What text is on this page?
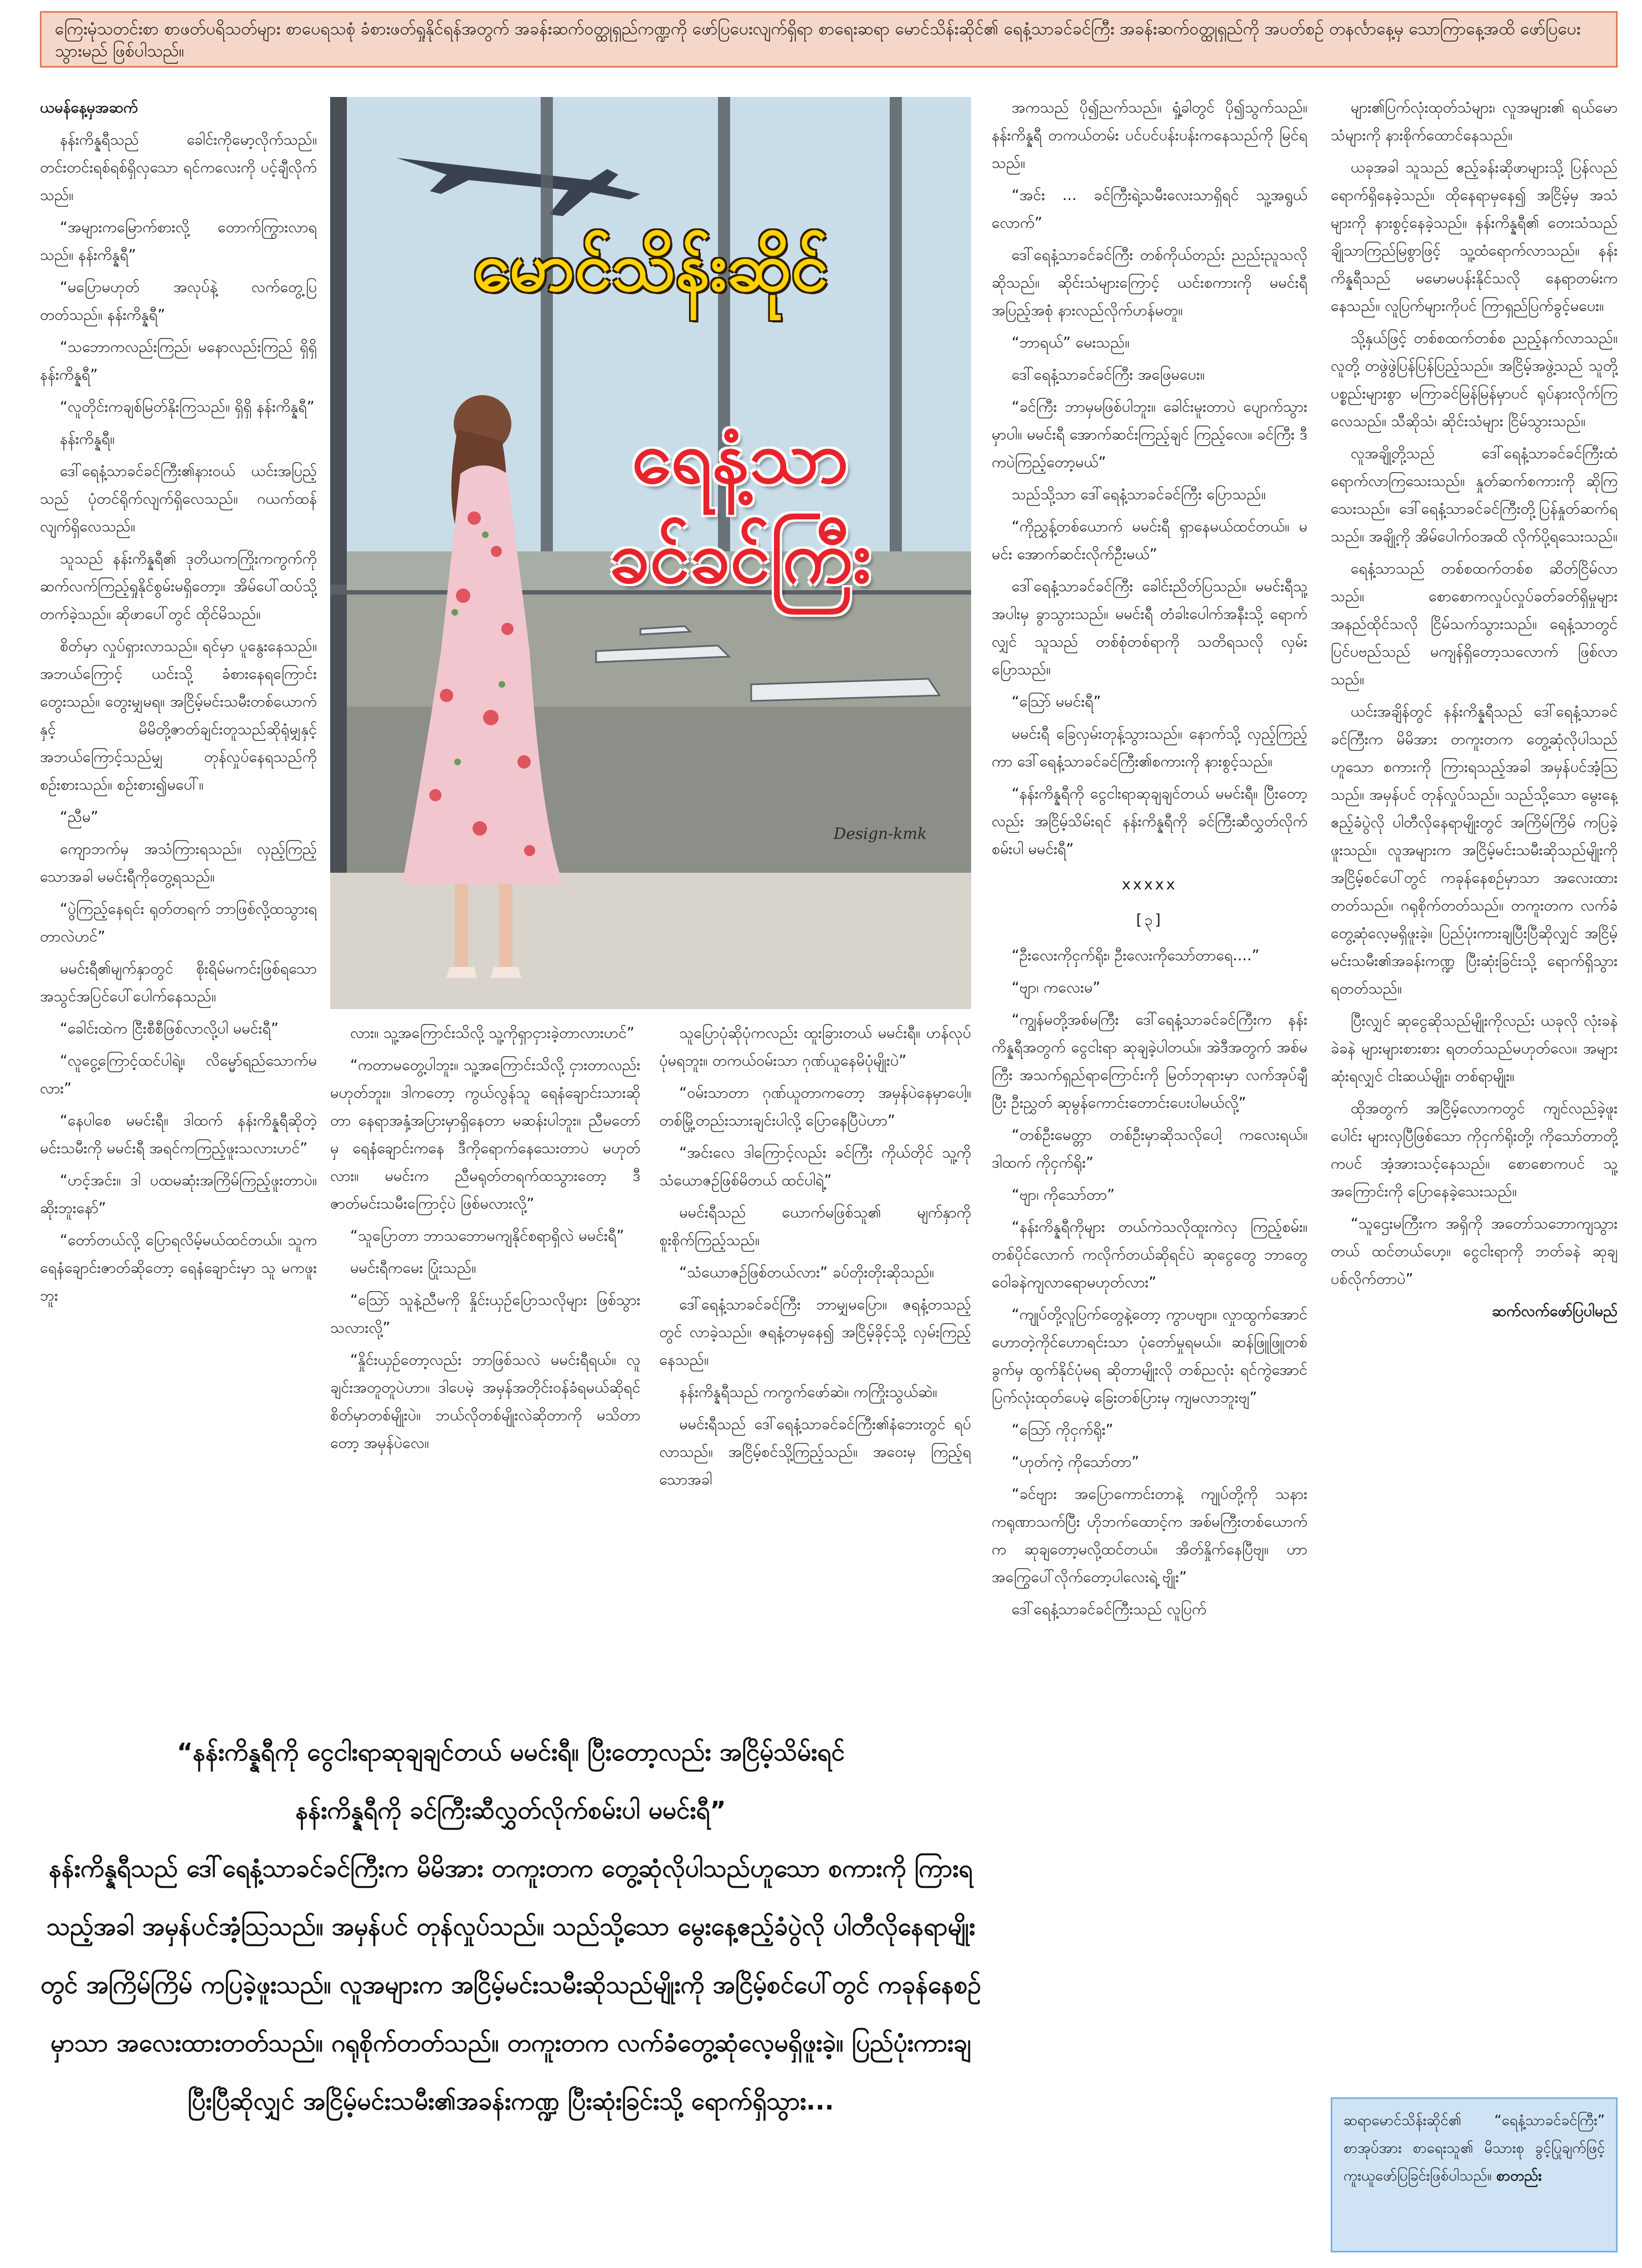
ကြေးမုံသတင်းစာ စာဖတ်ပရိသတ်များ စာပေရသစုံ ခံစားဖတ်ရှုနိုင်ရန်အတွက် အခန်းဆက်ဝတ္ထုရှည်ကဏ္ဍကို ဖော်ပြပေးလျက်ရှိရာ စာရေးဆရာ မောင်သိန်းဆိုင်၏ ရေနံ့သာခင်ခင်ကြီး အခန်းဆက်ဝတ္ထုရှည်ကို အပတ်စဉ် တနင်္လာနေ့မှ သောကြာနေ့အထိ ဖော်ပြပေးသွားမည် ဖြစ်ပါသည်။

ယမန်နေ့မှအဆက်

နန်းကိန္နရီသည် ခေါင်းကိုမော့လိုက်သည်။ တင်းတင်းရစ်ရစ်ရှိလှသော ရင်ကလေးကို ပင့်ချီလိုက်သည်။

“အများကမြောက်စားလို့ တောက်ကြွားလာရသည်။ နန်းကိန္နရီ”

“မပြောမဟုတ် အလုပ်နဲ့ လက်တွေ့ပြတတ်သည်။ နန်းကိန္နရီ”

“သဘောကလည်းကြည်၊ မနောလည်းကြည် ရှိရှိ နန်းကိန္နရီ”

“လူတိုင်းကချစ်မြတ်နိုးကြသည်။ ရှိရှိ နန်းကိန္နရီ”

နန်းကိန္နရီ။

ဒေါ်ရေနံ့သာခင်ခင်ကြီး၏နားဝယ် ယင်းအပြည့်သည် ပုံတင်ရိုက်လျက်ရှိလေသည်။ ဂယက်ထန်လျက်ရှိလေသည်။

သူသည် နန်းကိန္နရီ၏ ဒုတိယကကြိုးကကွက်ကို ဆက်လက်ကြည့်ရှုနိုင်စွမ်းမရှိတော့။ အိမ်ပေါ်ထပ်သို့ တက်ခဲ့သည်။ ဆိုဖာပေါ်တွင် ထိုင်မိသည်။

စိတ်မှာ လှုပ်ရှားလာသည်။ ရင်မှာ ပူနွေးနေသည်။ အဘယ်ကြောင့် ယင်းသို့ ခံစားနေရကြောင်း တွေးသည်။ တွေးမျှမရ။ အငြိမ့်မင်းသမီးတစ်ယောက်နှင့် မိမိတို့ဇာတ်ချင်းတူသည်ဆိုရုံမျှနှင့် အဘယ်ကြောင့်သည်မျှ တုန်လှုပ်နေရသည်ကို စဉ်းစားသည်။ စဉ်းစား၍မပေါ်။

“ညီမ”

ကျောဘက်မှ အသံကြားရသည်။ လှည့်ကြည့်သောအခါ မမင်းရီကိုတွေ့ရသည်။

“ပွဲကြည့်နေရင်း ရုတ်တရက် ဘာဖြစ်လို့ထသွားရတာလဲဟင်”

မမင်းရီ၏မျက်နှာတွင် စိုးရိမ်မကင်းဖြစ်ရသော အသွင်အပြင်ပေါ်ပေါက်နေသည်။

“ခေါင်းထဲက ငြီးစီစီဖြစ်လာလို့ပါ မမင်းရီ”

“လူငွေ့ကြောင့်ထင်ပါရဲ့။ လိမ္မော်ရည်သောက်မလား”

“နေပါစေ မမင်းရီ။ ဒါထက် နန်းကိန္နရီဆိုတဲ့မင်းသမီးကို မမင်းရီ အရင်ကကြည့်ဖူးသလားဟင်”

“ဟင့်အင်း။ ဒါ ပထမဆုံးအကြိမ်ကြည့်ဖူးတာပဲ။ ဆိုးဘူးနော်”

“တော်တယ်လို့ ပြောရလိမ့်မယ်ထင်တယ်။ သူက ရေနံချောင်းဇာတ်ဆိုတော့ ရေနံချောင်းမှာ သူ မကဖူးဘူး

မောင်သိန်းဆိုင်
ရေနံ့သာ
ခင်ခင်ကြီး
Design-kmk

လား။ သူ့အကြောင်းသိလို့ သူ့ကိုရှာငှားခဲ့တာလားဟင်”

“ကတာမတွေ့ပါဘူး။ သူ့အကြောင်းသိလို့ ငှားတာလည်းမဟုတ်ဘူး။ ဒါကတော့ ကွယ်လွန်သူ ရေနံချောင်းသားဆိုတာ နေရာအနှံ့အပြားမှာရှိနေတာ မဆန်းပါဘူး။ ညီမတော်မှ ရေနံချောင်းကနေ ဒီကိုရောက်နေသေးတာပဲ မဟုတ်လား။ မမင်းက ညီမရုတ်တရက်ထသွားတော့ ဒီဇာတ်မင်းသမီးကြောင့်ပဲ ဖြစ်မလားလို့”

“သူပြောတာ ဘာသဘောမကျနိုင်စရာရှိလဲ မမင်းရီ”

မမင်းရီကမေး ပြုံးသည်။

“ဩော် သူနဲ့ညီမကို နှိုင်းယှဉ်ပြောသလိုများ ဖြစ်သွားသလားလို့”

“နှိုင်းယှဉ်တော့လည်း ဘာဖြစ်သလဲ မမင်းရီရယ်။ လူချင်းအတူတူပဲဟာ။ ဒါပေမဲ့ အမှန်အတိုင်းဝန်ခံရမယ်ဆိုရင် စိတ်မှာတစ်မျိုးပဲ။ ဘယ်လိုတစ်မျိုးလဲဆိုတာကို မသိတာတော့ အမှန်ပဲလေ။

သူပြောပုံဆိုပုံကလည်း ထူးခြားတယ် မမင်းရီ။ ဟန်လုပ်ပုံမရဘူး။ တကယ်ဝမ်းသာ ဂုဏ်ယူနေမိပုံမျိုးပဲ”

“ဝမ်းသာတာ ဂုဏ်ယူတာကတော့ အမှန်ပဲနေမှာပေါ့။ တစ်မြို့တည်းသားချင်းပါလို့ ပြောနေပြီပဲဟာ”

“အင်းလေ ဒါကြောင့်လည်း ခင်ကြီး ကိုယ်တိုင် သူ့ကို သံယောဇဉ်ဖြစ်မိတယ် ထင်ပါရဲ့”

မမင်းရီသည် ယောက်မဖြစ်သူ၏ မျက်နှာကို စူးစိုက်ကြည့်သည်။

“သံယောဇဉ်ဖြစ်တယ်လား” ခပ်တိုးတိုးဆိုသည်။

ဒေါ်ရေနံ့သာခင်ခင်ကြီး ဘာမျှမပြော။ ဇရနံ့တသည့်တွင် လာခဲ့သည်။ ဇရနံ့တမှနေ၍ အငြိမ့်ခိုင့်သို့ လှမ်းကြည့်နေသည်။

နန်းကိန္နရီသည် ကကွက်ဖော်ဆဲ။ ကကြိုးသွယ်ဆဲ။

မမင်းရီသည် ဒေါ်ရေနံ့သာခင်ခင်ကြီး၏နံဘေးတွင် ရပ်လာသည်။ အငြိမ့်စင်သို့ကြည့်သည်။ အဝေးမှ ကြည့်ရသောအခါ

အကသည် ပို၍ညက်သည်။ ရှုံ့ခါတွင် ပို၍သွက်သည်။ နန်းကိန္နရီ တကယ်တမ်း ပင်ပင်ပန်းပန်းကနေသည်ကို မြင်ရသည်။

“အင်း ... ခင်ကြီးရဲ့သမီးလေးသာရှိရင် သူ့အရွယ်လောက်”

ဒေါ်ရေနံ့သာခင်ခင်ကြီး တစ်ကိုယ်တည်း ညည်းညူသလိုဆိုသည်။ ဆိုင်းသံများကြောင့် ယင်းစကားကို မမင်းရီ အပြည့်အစုံ နားလည်လိုက်ဟန်မတူ။

“ဘာရယ်” မေးသည်။

ဒေါ်ရေနံ့သာခင်ခင်ကြီး အဖြေမပေး။

“ခင်ကြီး ဘာမှမဖြစ်ပါဘူး။ ခေါင်းမူးတာပဲ ပျောက်သွားမှာပါ။ မမင်းရီ အောက်ဆင်းကြည့်ချင် ကြည့်လေ။ ခင်ကြီး ဒီကပဲကြည့်တော့မယ်”

သည်သို့သာ ဒေါ်ရေနံ့သာခင်ခင်ကြီး ပြောသည်။

“ကိုညွှန့်တစ်ယောက် မမင်းရီ ရှာနေမယ်ထင်တယ်။ မမင်း အောက်ဆင်းလိုက်ဦးမယ်”

ဒေါ်ရေနံ့သာခင်ခင်ကြီး ခေါင်းညိတ်ပြသည်။ မမင်းရီသူ့အပါးမှ ခွာသွားသည်။ မမင်းရီ တံခါးပေါက်အနီးသို့ ရောက်လျှင် သူသည် တစ်စုံတစ်ရာကို သတိရသလို လှမ်းပြောသည်။

“ဩော် မမင်းရီ”

မမင်းရီ ခြေလှမ်းတုန့်သွားသည်။ နောက်သို့ လှည့်ကြည့်ကာ ဒေါ်ရေနံ့သာခင်ခင်ကြီး၏စကားကို နားစွင့်သည်။

“နန်းကိန္နရီကို ငွေငါးရာဆုချချင်တယ် မမင်းရီ။ ပြီးတော့လည်း အငြိမ့်သိမ်းရင် နန်းကိန္နရီကို ခင်ကြီးဆီလွှတ်လိုက်စမ်းပါ မမင်းရီ”

xxxxx

[၃]

“ဦးလေးကိုငှက်ရိုး၊ ဦးလေးကိုသော်တာရေ....”

“ဗျာ၊ ကလေးမ”

“ကျွန်မတို့အစ်မကြီး ဒေါ်ရေနံ့သာခင်ခင်ကြီးက နန်းကိန္နရီအတွက် ငွေငါးရာ ဆုချခဲ့ပါတယ်။ အဲဒီအတွက် အစ်မကြီး အသက်ရှည်ရာကြောင်းကို မြတ်ဘုရားမှာ လက်အုပ်ချီပြီး ဦးညွှတ် ဆုမွန်ကောင်းတောင်းပေးပါမယ်လို့”

“တစ်ဦးမေတ္တာ တစ်ဦးမှာဆိုသလိုပေါ့ ကလေးရယ်။ ဒါထက် ကိုငှက်ရိုး”

“ဗျာ၊ ကိုသော်တာ”

“နန်းကိန္နရီကိုများ တယ်ကဲသလိုထူးကဲလှ ကြည့်စမ်း။ တစ်ပိုင်လောက် ကလိုက်တယ်ဆိုရင်ပဲ ဆုငွေတွေ ဘာတွေ ဝေါခနဲကျလာရောမဟုတ်လား”

“ကျုပ်တို့လူပြက်တွေနဲ့တော့ ကွာပဗျာ။ လှုာထွက်အောင် ဟောတဲ့ကိုင်ဟောရင်းသာ ပုံတော်မှုရမယ်။ ဆန်ဖြူဖြူတစ်ခွက်မှ ထွက်နိုင်ပုံမရ ဆိုတာမျိုးလို တစ်ညလုံး ရင်ကွဲအောင်ပြက်လုံးထုတ်ပေမဲ့ ခြေးတစ်ပြားမှ ကျမလာဘူးဗျ”

“ဩော် ကိုငှက်ရိုး”

“ဟုတ်ကဲ့ ကိုသော်တာ”

“ခင်ဗျား အပြောကောင်းတာနဲ့ ကျုပ်တို့ကို သနားကရုဏာသက်ပြီး ဟိုဘက်ထောင့်က အစ်မကြီးတစ်ယောက်က ဆုချတော့မလို့ထင်တယ်။ အိတ်နှိုက်နေပြီဗျ။ ဟာ အကြွေပေါ်လိုက်တော့ပါလေးရဲ့ ဗျိုး”

ဒေါ်ရေနံ့သာခင်ခင်ကြီးသည် လူပြက်

များ၏ပြက်လုံးထုတ်သံများ၊ လူအများ၏ ရယ်မောသံများကို နားစိုက်ထောင်နေသည်။

ယခုအခါ သူသည် ဧည့်ခန်းဆိုဖာများသို့ ပြန်လည်ရောက်ရှိနေခဲ့သည်။ ထိုနေရာမှနေ၍ အငြိမ့်မှ အသံများကို နားစွင့်နေခဲ့သည်။ နန်းကိန္နရီ၏ တေးသံသည် ချိုသာကြည်မြစွာဖြင့် သူ့ထံရောက်လာသည်။ နန်းကိန္နရီသည် မမောမပန်းနိုင်သလို နေရာတမ်းကနေသည်။ လူပြက်များကိုပင် ကြာရှည်ပြက်ခွင့်မပေး။

သို့နှယ်ဖြင့် တစ်စထက်တစ်စ ညည့်နက်လာသည်။ လူတို့ တဖွဲဖွဲပြန်ပြန်ပြည့်သည်။ အငြိမ့်အဖွဲ့သည် သူတို့ပစ္စည်းများစွာ မကြာခင်မြန်မြန်မှာပင် ရုပ်နားလိုက်ကြလေသည်။ သီဆိုသံ၊ ဆိုင်းသံများ ငြိမ်သွားသည်။

လူအချို့တို့သည် ဒေါ်ရေနံ့သာခင်ခင်ကြီးထံ ရောက်လာကြသေးသည်။ နှုတ်ဆက်စကားကို ဆိုကြသေးသည်။ ဒေါ်ရေနံ့သာခင်ခင်ကြီးတို့ပြန်နှုတ်ဆက်ရသည်။ အချို့ကို အိမ်ပေါက်ဝအထိ လိုက်ပို့ရသေးသည်။

ရေနံ့သာသည် တစ်စထက်တစ်စ ဆိတ်ငြိမ်လာသည်။ စောစောကလှုပ်လှုပ်ခတ်ခတ်ရှိမှုများ အနည်ထိုင်သလို ငြိမ်သက်သွားသည်။ ရေနံ့သာတွင် ပြင်ပဗည်သည် မကျန်ရှိတော့သလောက် ဖြစ်လာသည်။

ယင်းအချိန်တွင် နန်းကိန္နရီသည် ဒေါ်ရေနံ့သာခင်ခင်ကြီးက မိမိအား တကူးတက တွေ့ဆုံလိုပါသည်ဟူသော စကားကို ကြားရသည့်အခါ အမှန်ပင်အံ့သြသည်။ အမှန်ပင် တုန်လှုပ်သည်။ သည်သို့သော မွေးနေ့ဧည့်ခံပွဲလို ပါတီလိုနေရာမျိုးတွင် အကြိမ်ကြိမ် ကပြခဲ့ဖူးသည်။ လူအများက အငြိမ့်မင်းသမီးဆိုသည်မျိုးကို အငြိမ့်စင်ပေါ်တွင် ကခုန်နေစဉ်မှာသာ အလေးထားတတ်သည်။ ဂရုစိုက်တတ်သည်။ တကူးတက လက်ခံတွေ့ဆုံလေ့မရှိဖူးခဲ့။ ပြည်ပုံးကားချပြီးပြီဆိုလျှင် အငြိမ့်မင်းသမီး၏အခန်းကဏ္ဍ ပြီးဆုံးခြင်းသို့ ရောက်ရှိသွားရတတ်သည်။

ပြီးလျှင် ဆုငွေဆိုသည်မျိုးကိုလည်း ယခုလို လုံးခနဲ ခဲခနဲ များများစားစား ရတတ်သည်မဟုတ်လေ။ အများဆုံးရလျှင် ငါးဆယ်မျိုး၊ တစ်ရာမျိုး။

ထိုအတွက် အငြိမ့်လောကတွင် ကျင်လည်ခဲ့ဖူးပေါင်း များလှပြီဖြစ်သော ကိုငှက်ရိုးတို့၊ ကိုသော်တာတို့ကပင် အံ့အားသင့်နေသည်။ စောစောကပင် သူ့အကြောင်းကို ပြောနေခဲ့သေးသည်။

“သူဌေးမကြီးက အရှိကို အတော်သဘောကျသွားတယ် ထင်တယ်ဟေ့။ ငွေငါးရာကို ဘတ်ခနဲ ဆုချပစ်လိုက်တာပဲ”

ဆက်လက်ဖော်ပြပါမည်

“နန်းကိန္နရီကို ငွေငါးရာဆုချချင်တယ် မမင်းရီ။ ပြီးတော့လည်း အငြိမ့်သိမ်းရင်
နန်းကိန္နရီကို ခင်ကြီးဆီလွှတ်လိုက်စမ်းပါ မမင်းရီ”
နန်းကိန္နရီသည် ဒေါ်ရေနံ့သာခင်ခင်ကြီးက မိမိအား တကူးတက တွေ့ဆုံလိုပါသည်ဟူသော စကားကို ကြားရသည့်အခါ အမှန်ပင်အံ့သြသည်။ အမှန်ပင် တုန်လှုပ်သည်။ သည်သို့သော မွေးနေ့ဧည့်ခံပွဲလို ပါတီလိုနေရာမျိုးတွင် အကြိမ်ကြိမ် ကပြခဲ့ဖူးသည်။ လူအများက အငြိမ့်မင်းသမီးဆိုသည်မျိုးကို အငြိမ့်စင်ပေါ်တွင် ကခုန်နေစဉ်မှာသာ အလေးထားတတ်သည်။ ဂရုစိုက်တတ်သည်။ တကူးတက လက်ခံတွေ့ဆုံလေ့မရှိဖူးခဲ့။ ပြည်ပုံးကားချပြီးပြီဆိုလျှင် အငြိမ့်မင်းသမီး၏အခန်းကဏ္ဍ ပြီးဆုံးခြင်းသို့ ရောက်ရှိသွား...
ဆရာမောင်သိန်းဆိုင်၏ “ရေနံ့သာခင်ခင်ကြီး” စာအုပ်အား စာရေးသူ၏ မိသားစု ခွင့်ပြုချက်ဖြင့် ကူးယူဖော်ပြခြင်းဖြစ်ပါသည်။ စာတည်း
